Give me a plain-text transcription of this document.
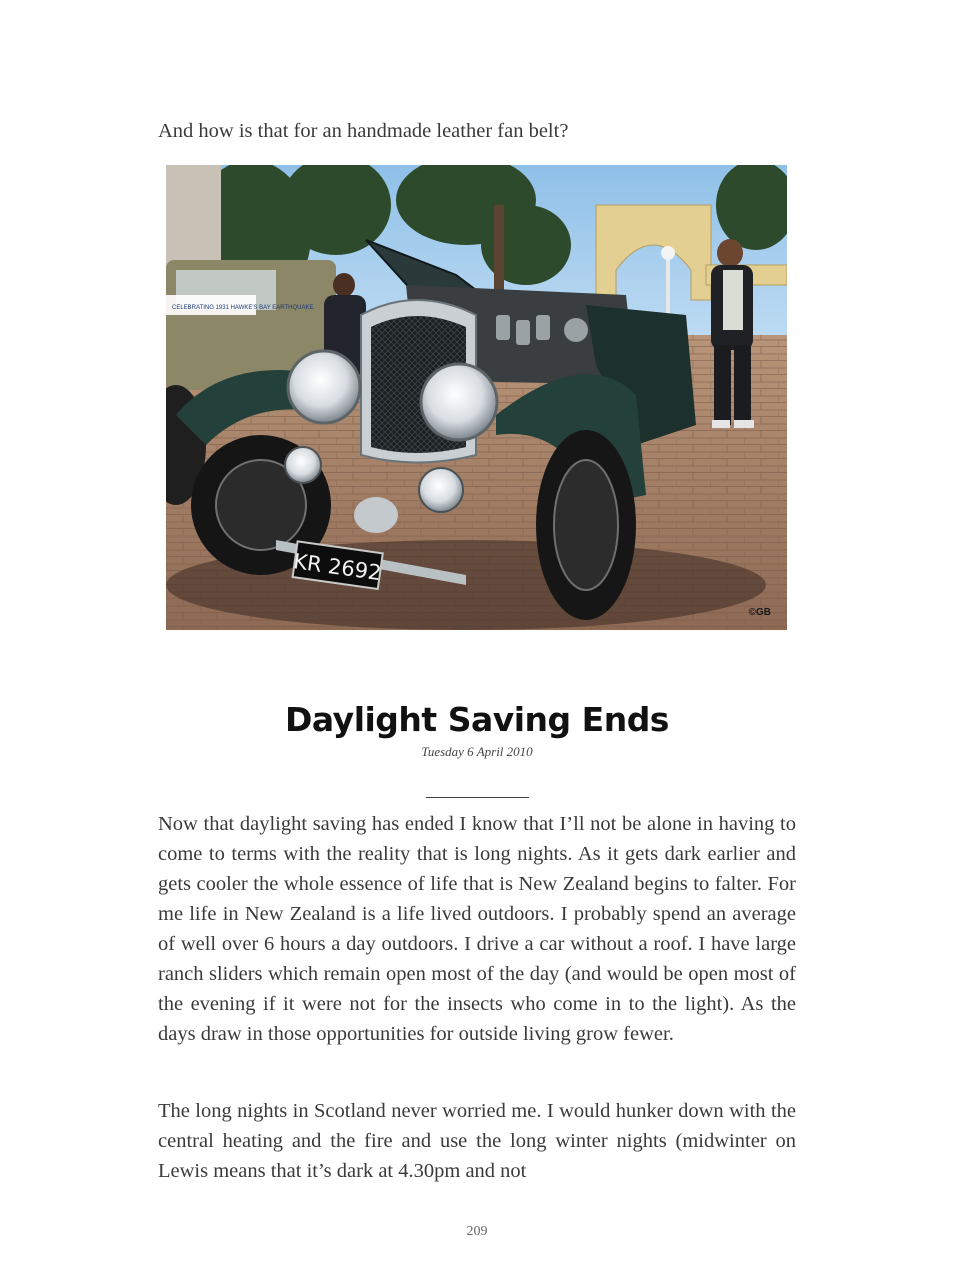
And how is that for an handmade leather fan belt?

CELEBRATING 1931 HAWKE'S BAY EARTHQUAKE
KR 2692
©GB
Daylight Saving Ends

Tuesday 6 April 2010

Now that daylight saving has ended I know that I’ll not be alone in having to come to terms with the reality that is long nights. As it gets dark earlier and gets cooler the whole essence of life that is New Zealand begins to falter. For me life in New Zealand is a life lived outdoors. I probably spend an average of well over 6 hours a day outdoors. I drive a car without a roof. I have large ranch sliders which remain open most of the day (and would be open most of the evening if it were not for the insects who come in to the light). As the days draw in those opportunities for outside living grow fewer.

The long nights in Scotland never worried me. I would hunker down with the central heating and the fire and use the long winter nights (midwinter on Lewis means that it’s dark at 4.30pm and not

209
